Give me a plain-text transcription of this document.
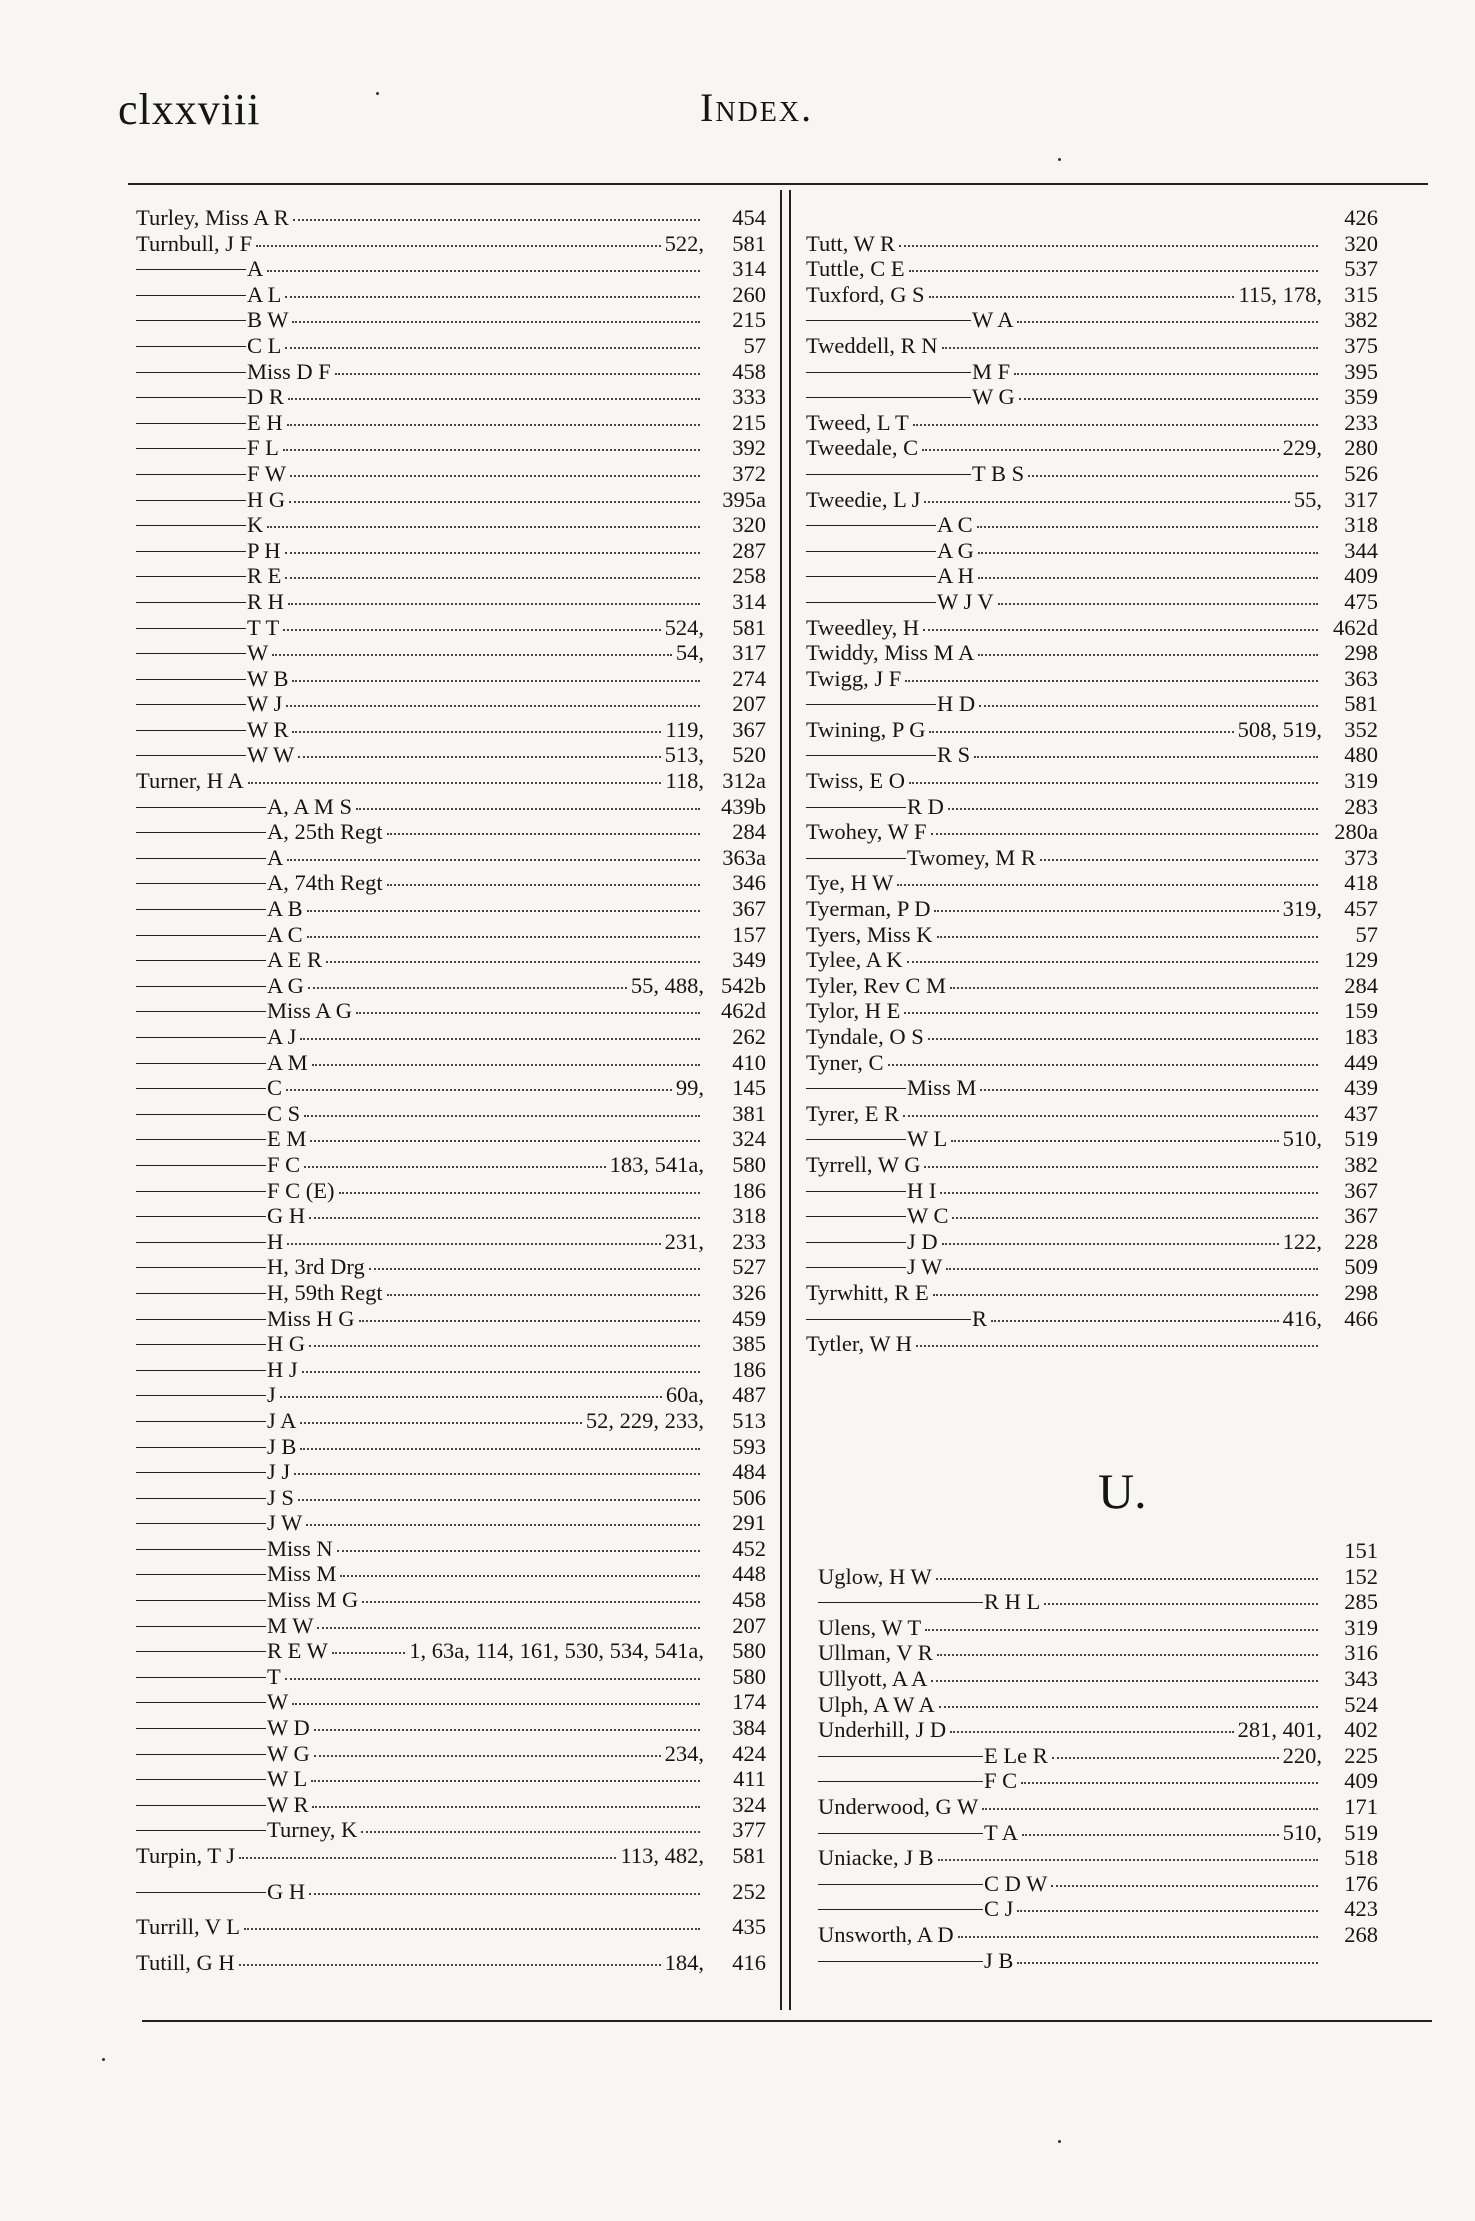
clxxviii	Index.
Turley, Miss A R	454
Turnbull, J F	522,	581
A	314
A L	260
B W	215
C L	57
Miss D F	458
D R	333
E H	215
F L	392
F W	372
H G	395a
K	320
P H	287
R E	258
R H	314
T T	524,	581
W	54,	317
W B	274
W J	207
W R	119,	367
W W	513,	520
Turner, H A	118, 312a
A, A M S	439b
A, 25th Regt	284
A	363a
A, 74th Regt	346
A B	367
A C	157
A E R	349
A G	55, 488, 542b
Miss A G	462d
A J	262
A M	410
C	99,	145
C S	381
E M	324
F C	183, 541a,	580
F C (E)	186
G H	318
H	231,	233
H, 3rd Drg	527
H, 59th Regt	326
Miss H G	459
H G	385
H J	186
J	60a,	487
J A	52, 229, 233,	513
J B	593
J J	484
J S	506
J W	291
Miss N	452
Miss M	448
Miss M G	458
M W	207
R E W	1, 63a, 114, 161, 530, 534, 541a,	580
T	580
W	174
W D	384
W G	234,	424
W L	411
W R	324
Turney, K	377
Turpin, T J	113, 482,	581
G H	252
Turrill, V L	435
Tutill, G H	184,	416
426
Tutt, W R	320
Tuttle, C E	537
Tuxford, G S	115, 178, 315
W A	382
Tweddell, R N	375
M F	395
W G	359
Tweed, L T	233
Tweedale, C	229, 280
T B S	526
Tweedie, L J	55, 317
A C	318
A G	344
A H	409
W J V	475
Tweedley, H	462d
Twiddy, Miss M A	298
Twigg, J F	363
H D	581
Twining, P G	508, 519, 352
R S	480
Twiss, E O	319
R D	283
Twohey, W F	280a
Twomey, M R	373
Tye, H W	418
Tyerman, P D	319, 457
Tyers, Miss K	57
Tylee, A K	129
Tyler, Rev C M	284
Tylor, H E	159
Tyndale, O S	183
Tyner, C	449
Miss M	439
Tyrer, E R	437
W L	510, 519
Tyrrell, W G	382
H I	367
W C	367
J D	122, 228
J W	509
Tyrwhitt, R E	298
R	416, 466
Tytler, W H
U.
151
Uglow, H W	152
R H L	285
Ulens, W T	319
Ullman, V R	316
Ullyott, A A	343
Ulph, A W A	524
Underhill, J D	281, 401, 402
E Le R	220, 225
F C	409
Underwood, G W	171
T A	510, 519
Uniacke, J B	518
C D W	176
C J	423
Unsworth, A D	268
J B
